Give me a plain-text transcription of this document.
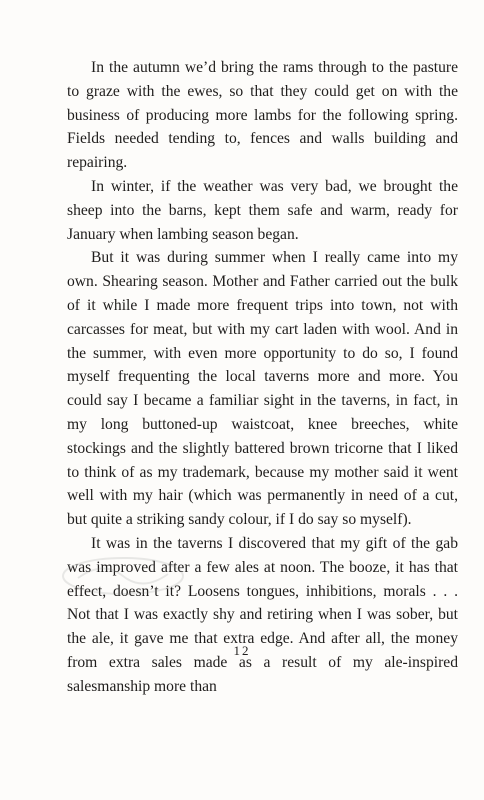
In the autumn we’d bring the rams through to the pasture to graze with the ewes, so that they could get on with the business of producing more lambs for the following spring. Fields needed tending to, fences and walls building and repairing.

In winter, if the weather was very bad, we brought the sheep into the barns, kept them safe and warm, ready for January when lambing season began.

But it was during summer when I really came into my own. Shearing season. Mother and Father carried out the bulk of it while I made more frequent trips into town, not with carcasses for meat, but with my cart laden with wool. And in the summer, with even more opportunity to do so, I found myself frequenting the local taverns more and more. You could say I became a familiar sight in the taverns, in fact, in my long buttoned-up waistcoat, knee breeches, white stockings and the slightly battered brown tricorne that I liked to think of as my trademark, because my mother said it went well with my hair (which was permanently in need of a cut, but quite a striking sandy colour, if I do say so myself).

It was in the taverns I discovered that my gift of the gab was improved after a few ales at noon. The booze, it has that effect, doesn’t it? Loosens tongues, inhibitions, morals . . . Not that I was exactly shy and retiring when I was sober, but the ale, it gave me that extra edge. And after all, the money from extra sales made as a result of my ale-inspired salesmanship more than

12
